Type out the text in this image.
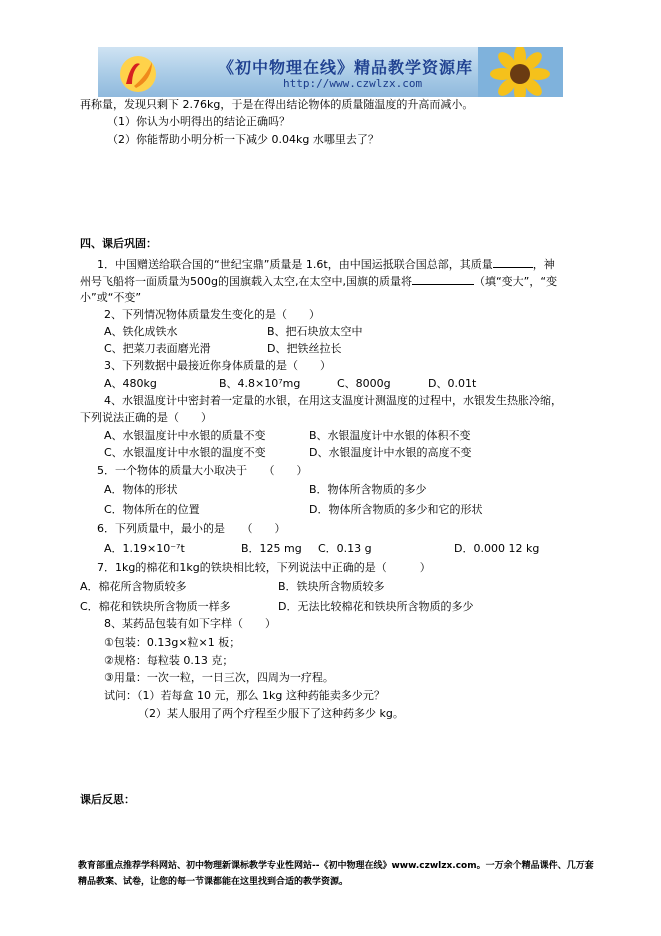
《初中物理在线》精品教学资源库
http://www.czwlzx.com
再称量，发现只剩下 2.76kg，于是在得出结论物体的质量随温度的升高而减小。
（1）你认为小明得出的结论正确吗？
（2）你能帮助小明分析一下减少 0.04kg 水哪里去了？
四、课后巩固：
1．中国赠送给联合国的“世纪宝鼎”质量是 1.6t，由中国运抵联合国总部，其质量	，神
州号飞船将一面质量为500g的国旗载入太空,在太空中,国旗的质量将	（填“变大”，“变
小”或“不变”
2、下列情况物体质量发生变化的是（　　）
A、铁化成铁水	B、把石块放太空中
C、把菜刀表面磨光滑	D、把铁丝拉长
3、下列数据中最接近你身体质量的是（　　）
A、480kg	B、4.8×10⁷mg	C、8000g	D、0.01t
4、水银温度计中密封着一定量的水银，在用这支温度计测温度的过程中，水银发生热胀冷缩，
下列说法正确的是（　　）
A、水银温度计中水银的质量不变	B、水银温度计中水银的体积不变
C、水银温度计中水银的温度不变	D、水银温度计中水银的高度不变
5．一个物体的质量大小取决于　　（　　）
A．物体的形状	B．物体所含物质的多少
C．物体所在的位置	D．物体所含物质的多少和它的形状
6．下列质量中，最小的是　　（　　）
A．1.19×10⁻⁷t	B．125 mg C．0.13 g	D．0.000 12 kg
7．1kg的棉花和1kg的铁块相比较，下列说法中正确的是（　　　）
A．棉花所含物质较多	B．铁块所含物质较多
C．棉花和铁块所含物质一样多	D．无法比较棉花和铁块所含物质的多少
8、某药品包装有如下字样（　　）
①包装：0.13g×粒×1 板；
②规格：每粒装 0.13 克；
③用量：一次一粒，一日三次，四周为一疗程。
试问：（1）若每盒 10 元，那么 1kg 这种药能卖多少元？
（2）某人服用了两个疗程至少服下了这种药多少 kg。
课后反思：
教育部重点推荐学科网站、初中物理新课标教学专业性网站--《初中物理在线》www.czwlzx.com。一万余个精品课件、几万套精品教案、试卷，让您的每一节课都能在这里找到合适的教学资源。
